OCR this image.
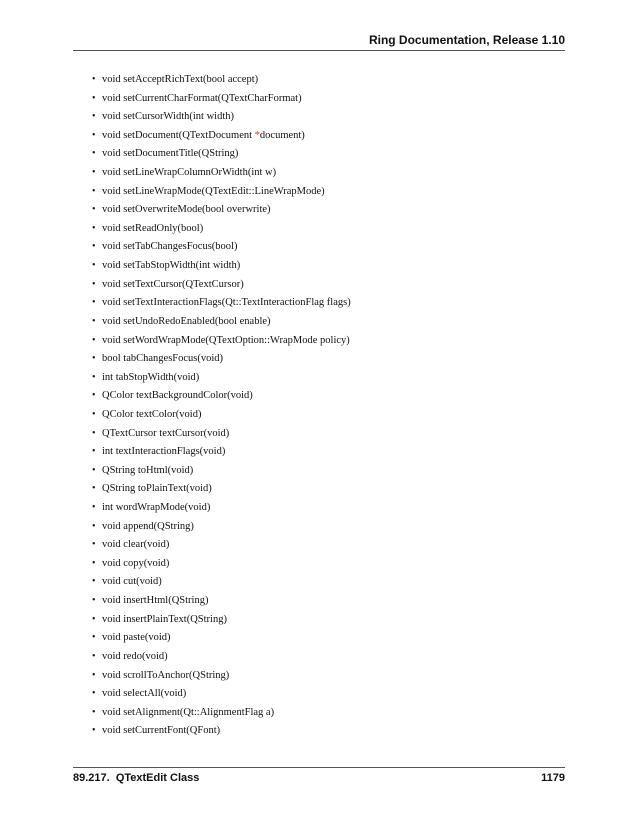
Ring Documentation, Release 1.10
• void setAcceptRichText(bool accept)
• void setCurrentCharFormat(QTextCharFormat)
• void setCursorWidth(int width)
• void setDocument(QTextDocument * document)
• void setDocumentTitle(QString)
• void setLineWrapColumnOrWidth(int w)
• void setLineWrapMode(QTextEdit::LineWrapMode)
• void setOverwriteMode(bool overwrite)
• void setReadOnly(bool)
• void setTabChangesFocus(bool)
• void setTabStopWidth(int width)
• void setTextCursor(QTextCursor)
• void setTextInteractionFlags(Qt::TextInteractionFlag flags)
• void setUndoRedoEnabled(bool enable)
• void setWordWrapMode(QTextOption::WrapMode policy)
• bool tabChangesFocus(void)
• int tabStopWidth(void)
• QColor textBackgroundColor(void)
• QColor textColor(void)
• QTextCursor textCursor(void)
• int textInteractionFlags(void)
• QString toHtml(void)
• QString toPlainText(void)
• int wordWrapMode(void)
• void append(QString)
• void clear(void)
• void copy(void)
• void cut(void)
• void insertHtml(QString)
• void insertPlainText(QString)
• void paste(void)
• void redo(void)
• void scrollToAnchor(QString)
• void selectAll(void)
• void setAlignment(Qt::AlignmentFlag a)
• void setCurrentFont(QFont)
89.217.  QTextEdit Class	1179
